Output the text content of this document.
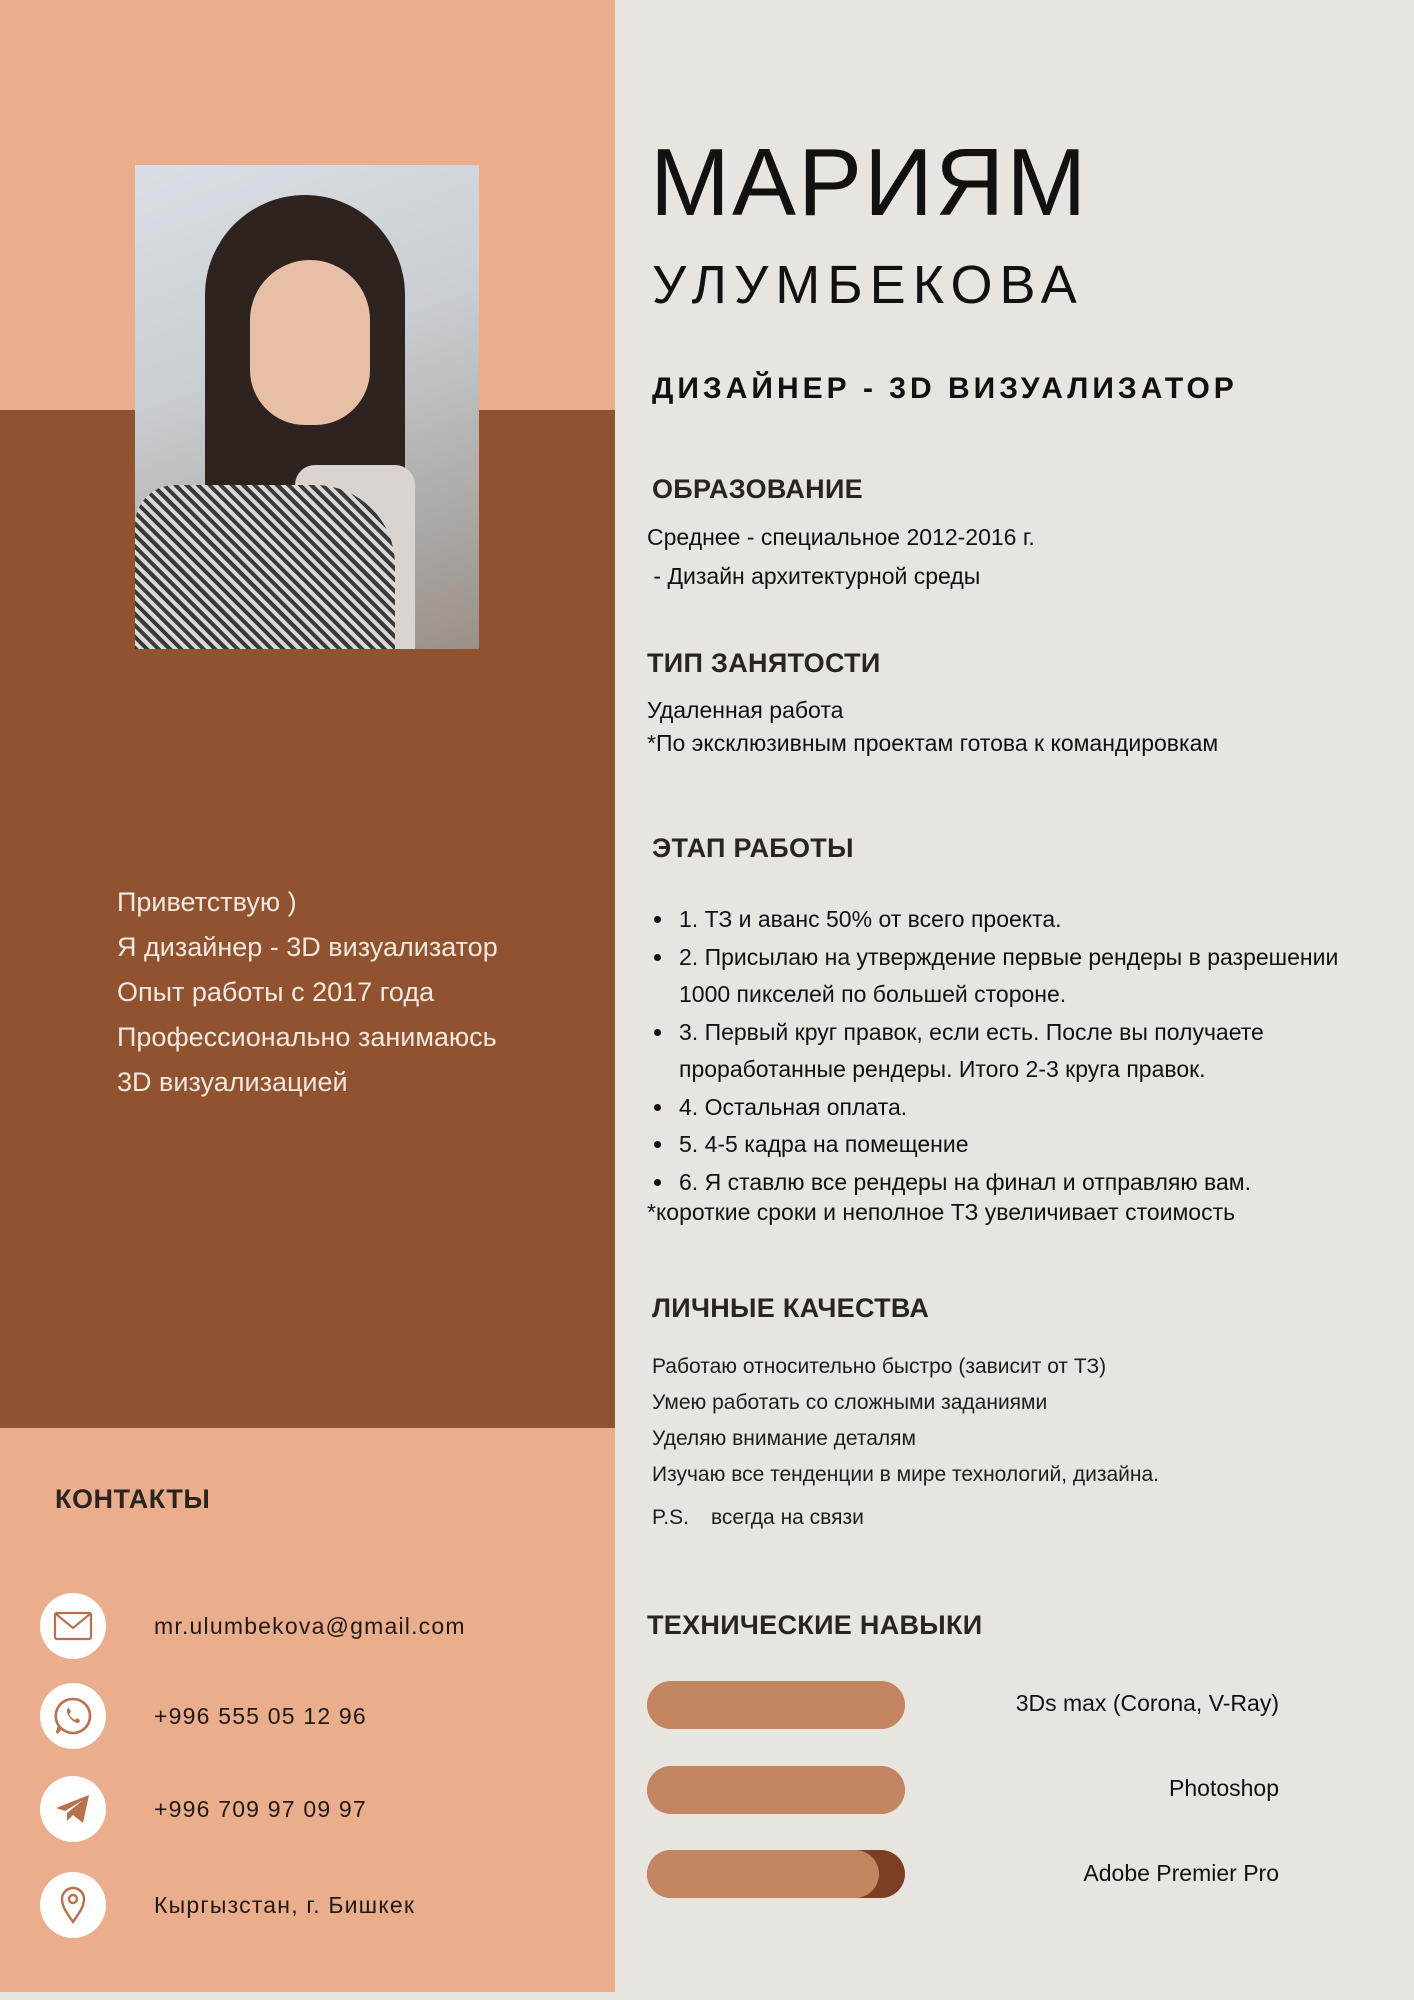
Приветствую )
Я дизайнер - 3D визуализатор
Опыт работы с 2017 года
Профессионально занимаюсь
3D визуализацией
КОНТАКТЫ
mr.ulumbekova@gmail.com
+996 555 05 12 96
+996 709 97 09 97
Кыргызстан, г. Бишкек
МАРИЯМ
УЛУМБЕКОВА
ДИЗАЙНЕР - 3D ВИЗУАЛИЗАТОР
ОБРАЗОВАНИЕ
Среднее - специальное 2012-2016 г.
- Дизайн архитектурной среды
ТИП ЗАНЯТОСТИ
Удаленная работа
*По эксклюзивным проектам готова к командировкам
ЭТАП РАБОТЫ
• 1. ТЗ и аванс 50% от всего проекта.
• 2. Присылаю на утверждение первые рендеры в разрешении 1000 пикселей по большей стороне.
• 3. Первый круг правок, если есть. После вы получаете проработанные рендеры. Итого 2-3 круга правок.
• 4. Остальная оплата.
• 5. 4-5 кадра на помещение
• 6. Я ставлю все рендеры на финал и отправляю вам.
*короткие сроки и неполное ТЗ увеличивает стоимость
ЛИЧНЫЕ КАЧЕСТВА
Работаю относительно быстро (зависит от ТЗ)
Умею работать со сложными заданиями
Уделяю внимание деталям
Изучаю все тенденции в мире технологий, дизайна.
P.S. всегда на связи
ТЕХНИЧЕСКИЕ НАВЫКИ
3Ds max (Corona, V-Ray)
Photoshop
Adobe Premier Pro
